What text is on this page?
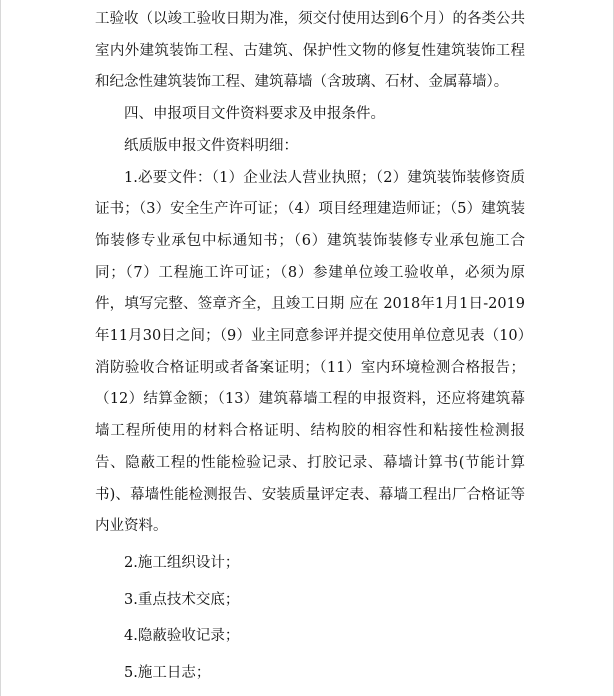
工验收（以竣工验收日期为准，须交付使用达到6个月）的各类公共室内外建筑装饰工程、古建筑、保护性文物的修复性建筑装饰工程和纪念性建筑装饰工程、建筑幕墙（含玻璃、石材、金属幕墙）。

四、申报项目文件资料要求及申报条件。

纸质版申报文件资料明细：

1.必要文件：（1）企业法人营业执照；（2）建筑装饰装修资质证书；（3）安全生产许可证；（4）项目经理建造师证；（5）建筑装饰装修专业承包中标通知书；（6）建筑装饰装修专业承包施工合同；（7）工程施工许可证；（8）参建单位竣工验收单，必须为原件，填写完整、签章齐全，且竣工日期 应在 2018年1月1日-2019年11月30日之间；（9）业主同意参评并提交使用单位意见表（10）消防验收合格证明或者备案证明；（11）室内环境检测合格报告；（12）结算金额；（13）建筑幕墙工程的申报资料，还应将建筑幕墙工程所使用的材料合格证明、结构胶的相容性和粘接性检测报告、隐蔽工程的性能检验记录、打胶记录、幕墙计算书(节能计算书)、幕墙性能检测报告、安装质量评定表、幕墙工程出厂合格证等内业资料。

2.施工组织设计；

3.重点技术交底；

4.隐蔽验收记录；

5.施工日志；
